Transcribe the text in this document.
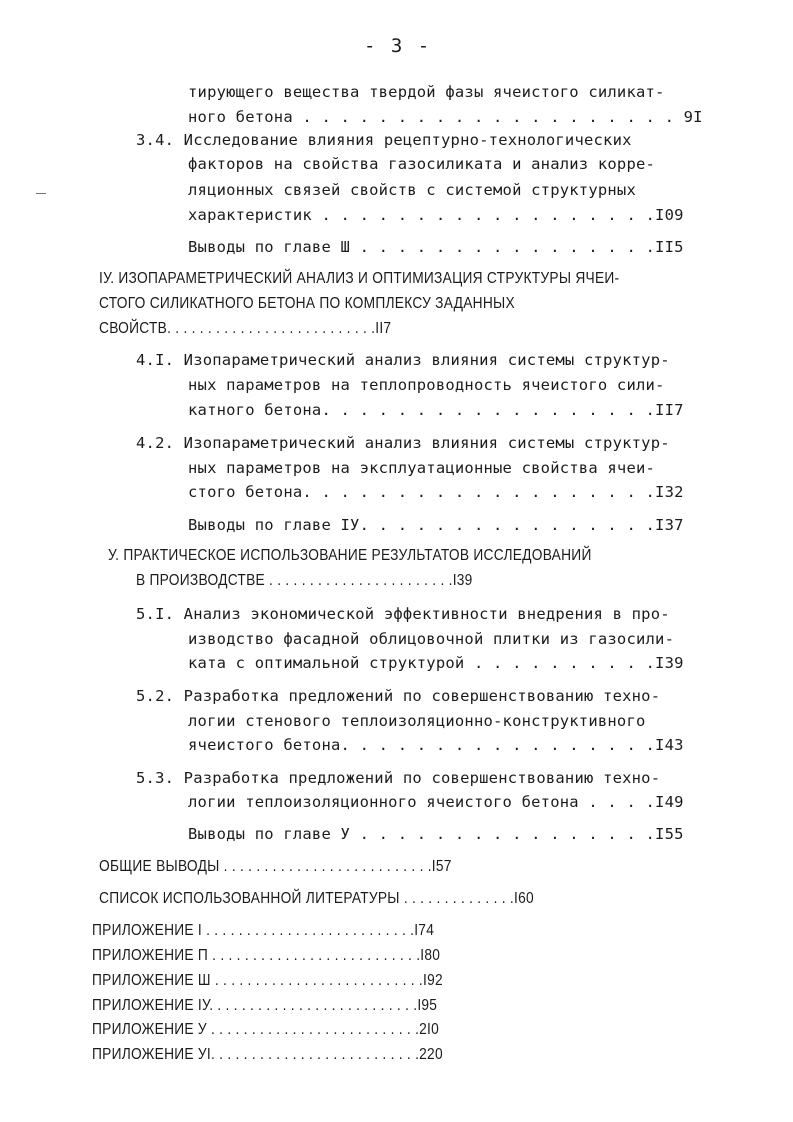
- 3 -
тирующего вещества твердой фазы ячеистого силикат-
ного бетона . . . . . . . . . . . . . . . . . . . . 9I
3.4. Исследование влияния рецептурно-технологических
факторов на свойства газосиликата и анализ корре-
ляционных связей свойств с системой структурных
характеристик . . . . . . . . . . . . . . . . . .I09
Выводы по главе Ш . . . . . . . . . . . . . . . .II5
IУ. ИЗОПАРАМЕТРИЧЕСКИЙ АНАЛИЗ И ОПТИМИЗАЦИЯ СТРУКТУРЫ ЯЧЕИ-
СТОГО СИЛИКАТНОГО БЕТОНА ПО КОМПЛЕКСУ ЗАДАННЫХ
СВОЙСТВ. . . . . . . . . . . . . . . . . . . . . . . . . .II7
4.I. Изопараметрический анализ влияния системы структур-
ных параметров на теплопроводность ячеистого сили-
катного бетона. . . . . . . . . . . . . . . . . .II7
4.2. Изопараметрический анализ влияния системы структур-
ных параметров на эксплуатационные свойства ячеи-
стого бетона. . . . . . . . . . . . . . . . . . .I32
Выводы по главе IУ. . . . . . . . . . . . . . . .I37
У. ПРАКТИЧЕСКОЕ ИСПОЛЬЗОВАНИЕ РЕЗУЛЬТАТОВ ИССЛЕДОВАНИЙ
В ПРОИЗВОДСТВЕ . . . . . . . . . . . . . . . . . . . . . . .I39
5.I. Анализ экономической эффективности внедрения в про-
изводство фасадной облицовочной плитки из газосили-
ката с оптимальной структурой . . . . . . . . . .I39
5.2. Разработка предложений по совершенствованию техно-
логии стенового теплоизоляционно-конструктивного
ячеистого бетона. . . . . . . . . . . . . . . . .I43
5.3. Разработка предложений по совершенствованию техно-
логии теплоизоляционного ячеистого бетона . . . .I49
Выводы по главе У . . . . . . . . . . . . . . . .I55
ОБЩИЕ ВЫВОДЫ . . . . . . . . . . . . . . . . . . . . . . . . . .I57
СПИСОК ИСПОЛЬЗОВАННОЙ ЛИТЕРАТУРЫ . . . . . . . . . . . . . .I60
ПРИЛОЖЕНИЕ I . . . . . . . . . . . . . . . . . . . . . . . . . .I74
ПРИЛОЖЕНИЕ П . . . . . . . . . . . . . . . . . . . . . . . . . .I80
ПРИЛОЖЕНИЕ Ш . . . . . . . . . . . . . . . . . . . . . . . . . .I92
ПРИЛОЖЕНИЕ IУ. . . . . . . . . . . . . . . . . . . . . . . . . .I95
ПРИЛОЖЕНИЕ У . . . . . . . . . . . . . . . . . . . . . . . . . .2I0
ПРИЛОЖЕНИЕ УI. . . . . . . . . . . . . . . . . . . . . . . . . .220
